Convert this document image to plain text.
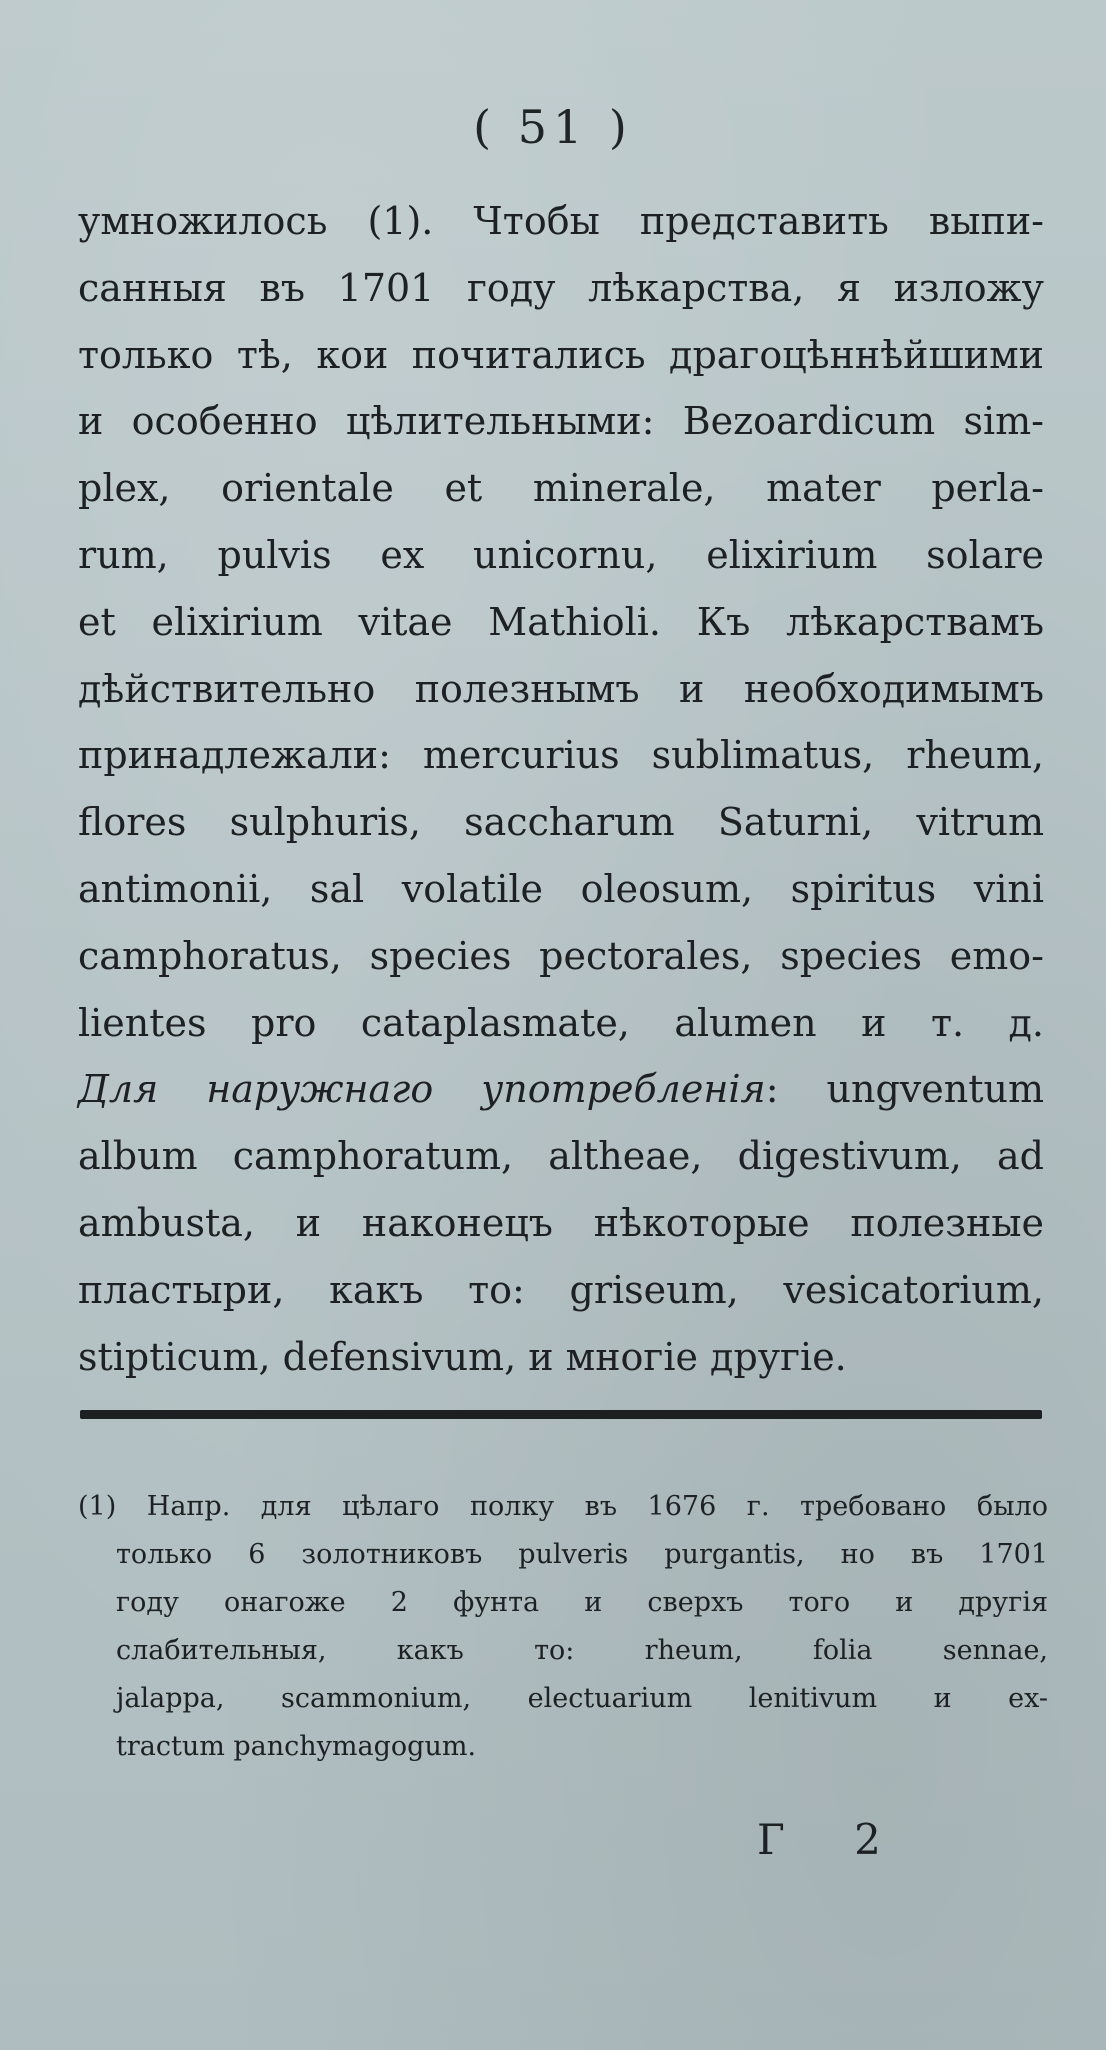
( 51 )
умножилось (1). Чтобы представить выпи-
санныя въ 1701 году лѣкарства, я изложу
только тѣ, кои почитались драгоцѣннѣйшими
и особенно цѣлительными: Bezoardicum sim-
plex, orientale et minerale, mater perla-
rum, pulvis ex unicornu, elixirium solare
et elixirium vitae Mathioli. Къ лѣкарствамъ
дѣйствительно полезнымъ и необходимымъ
принадлежали: mercurius sublimatus, rheum,
flores sulphuris, saccharum Saturni, vitrum
antimonii, sal volatile oleosum, spiritus vini
camphoratus, species pectorales, species emo-
lientes pro cataplasmate, alumen и т. д.
Для наружнаго употребленія: ungventum
album camphoratum, altheae, digestivum, ad
ambusta, и наконецъ нѣкоторые полезные
пластыри, какъ то: griseum, vesicatorium,
stipticum, defensivum, и многіе другіе.
(1) Напр. для цѣлаго полку въ 1676 г. требовано было
только 6 золотниковъ pulveris purgantis, но въ 1701
году онагоже 2 фунта и сверхъ того и другія
слабительныя, какъ то: rheum, folia sennae,
jalappa, scammonium, electuarium lenitivum и ex-
tractum panchymagogum.
Г 2
